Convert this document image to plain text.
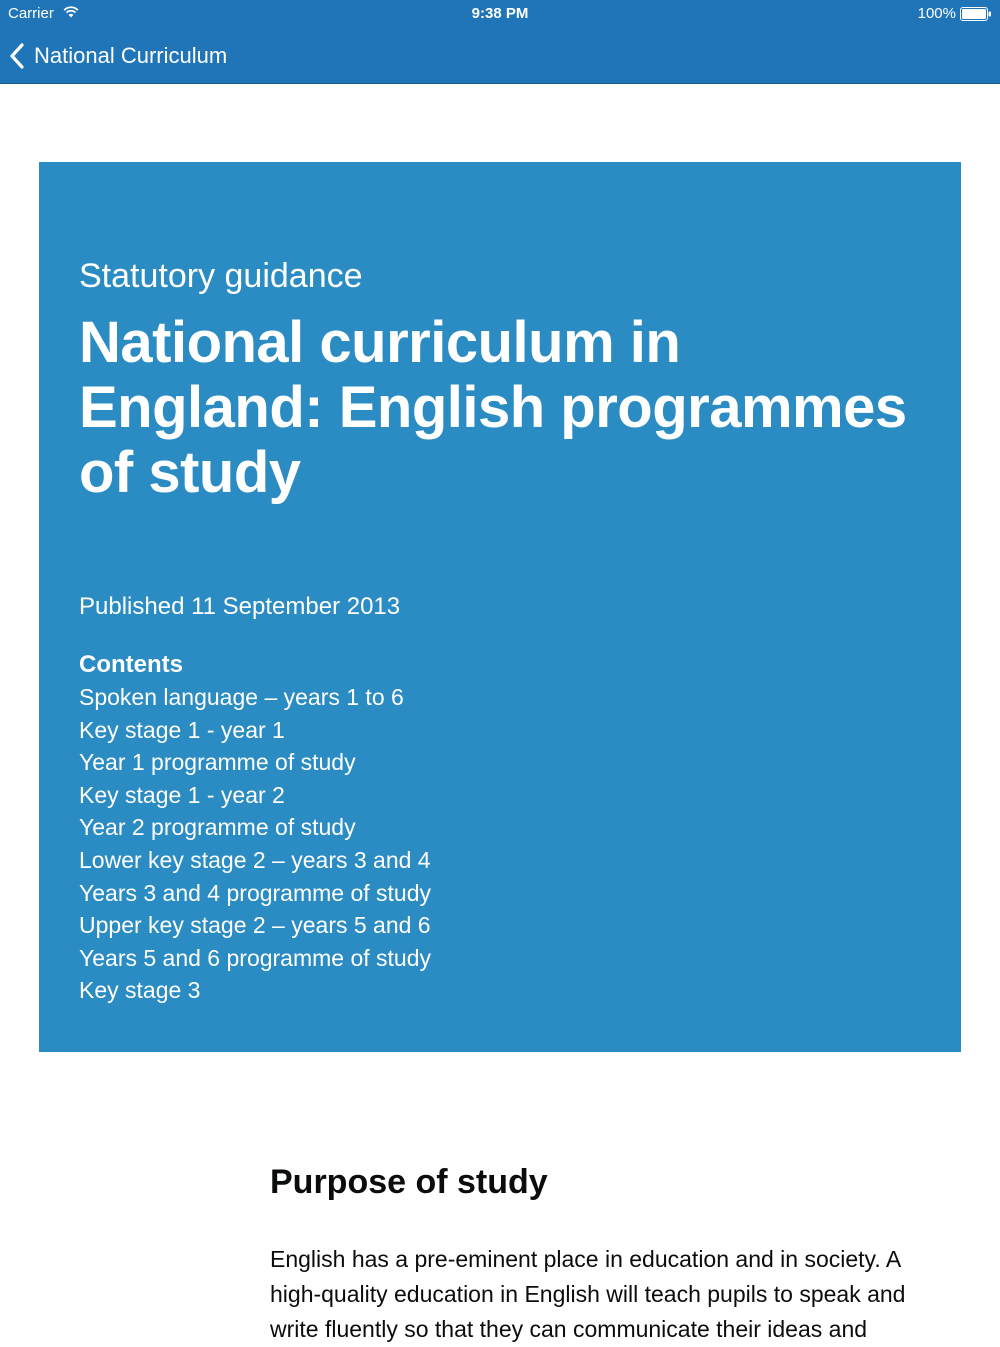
Carrier	9:38 PM	100%
National Curriculum

Statutory guidance

National curriculum in England: English programmes of study

Published 11 September 2013

Contents
Spoken language – years 1 to 6
Key stage 1 - year 1
Year 1 programme of study
Key stage 1 - year 2
Year 2 programme of study
Lower key stage 2 – years 3 and 4
Years 3 and 4 programme of study
Upper key stage 2 – years 5 and 6
Years 5 and 6 programme of study
Key stage 3
Purpose of study

English has a pre-eminent place in education and in society. A high-quality education in English will teach pupils to speak and write fluently so that they can communicate their ideas and
